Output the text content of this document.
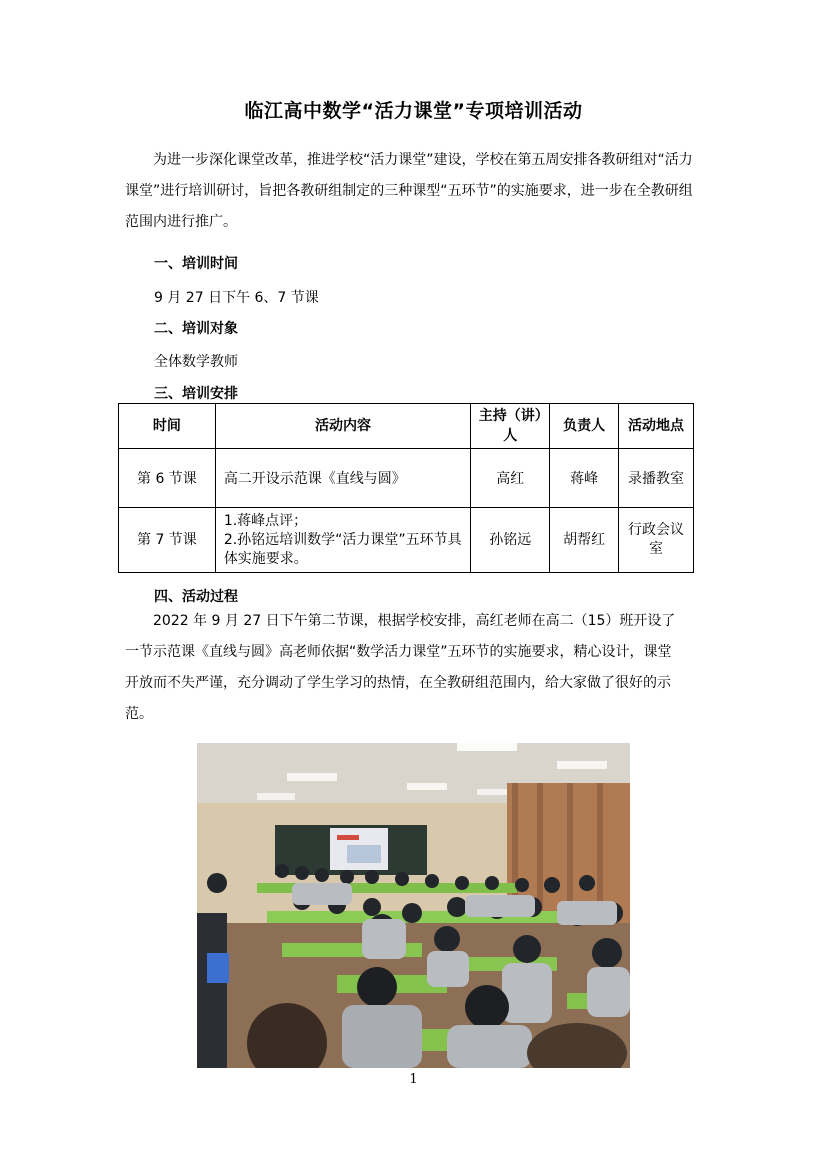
临江高中数学“活力课堂”专项培训活动
为进一步深化课堂改革，推进学校“活力课堂”建设，学校在第五周安排各教研组对“活力课堂”进行培训研讨，旨把各教研组制定的三种课型“五环节”的实施要求，进一步在全教研组范围内进行推广。
一、培训时间
9 月 27 日下午 6、7 节课
二、培训对象
全体数学教师
三、培训安排
时间	活动内容	主持（讲）人	负责人	活动地点
第 6 节课	高二开设示范课《直线与圆》	高红	蒋峰	录播教室
第 7 节课	1.蒋峰点评；
2.孙铭远培训数学“活力课堂”五环节具体实施要求。	孙铭远	胡帮红	行政会议室
四、活动过程
2022 年 9 月 27 日下午第二节课，根据学校安排，高红老师在高二（15）班开设了一节示范课《直线与圆》高老师依据“数学活力课堂”五环节的实施要求，精心设计，课堂开放而不失严谨，充分调动了学生学习的热情，在全教研组范围内，给大家做了很好的示范。
1
